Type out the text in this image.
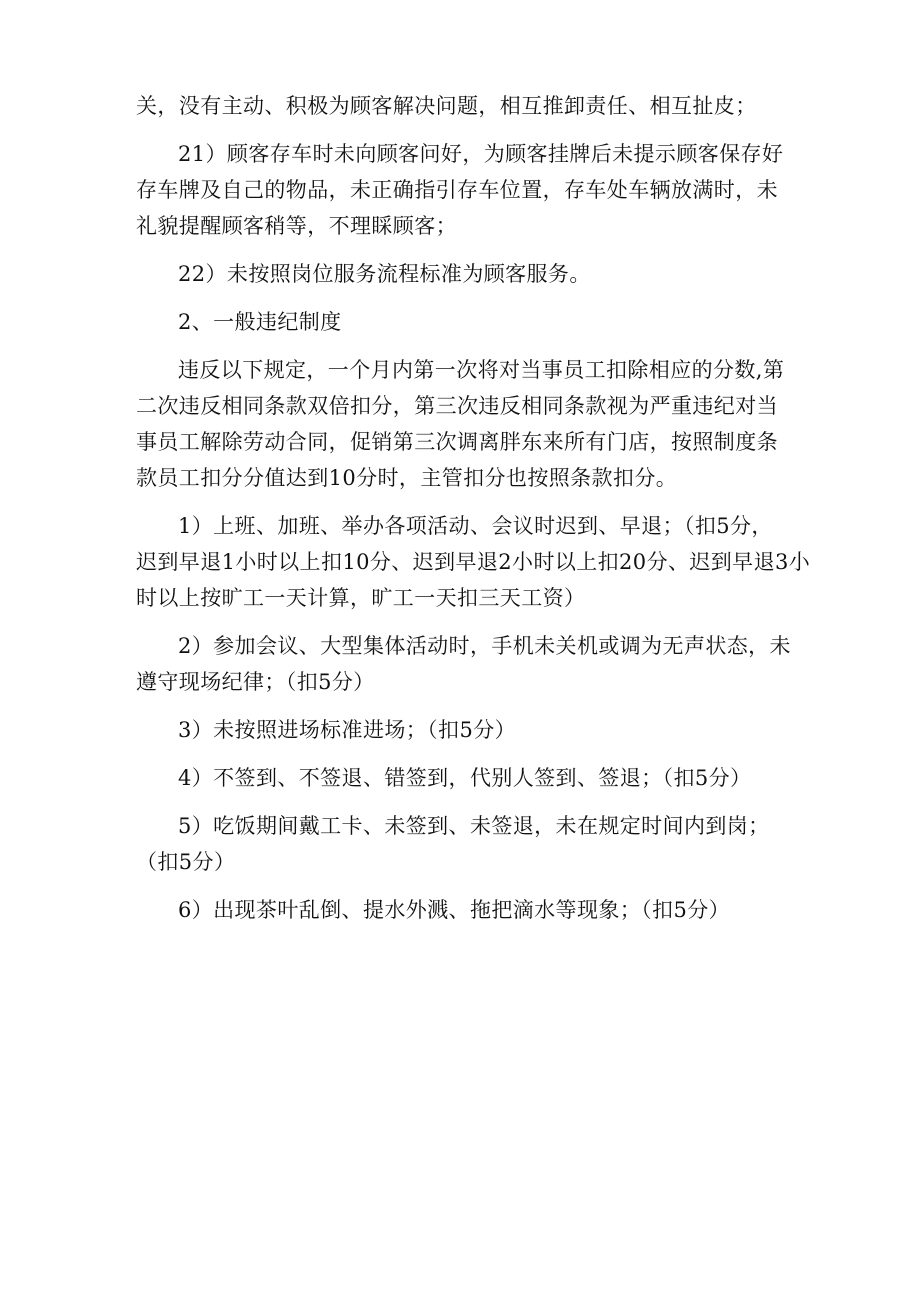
关，没有主动、积极为顾客解决问题，相互推卸责任、相互扯皮；

21）顾客存车时未向顾客问好，为顾客挂牌后未提示顾客保存好
存车牌及自己的物品，未正确指引存车位置，存车处车辆放满时，未
礼貌提醒顾客稍等，不理睬顾客；

22）未按照岗位服务流程标准为顾客服务。

2、一般违纪制度

违反以下规定，一个月内第一次将对当事员工扣除相应的分数,第
二次违反相同条款双倍扣分，第三次违反相同条款视为严重违纪对当
事员工解除劳动合同，促销第三次调离胖东来所有门店，按照制度条
款员工扣分分值达到10分时，主管扣分也按照条款扣分。

1）上班、加班、举办各项活动、会议时迟到、早退；（扣5分，
迟到早退1小时以上扣10分、迟到早退2小时以上扣20分、迟到早退3小
时以上按旷工一天计算，旷工一天扣三天工资）

2）参加会议、大型集体活动时，手机未关机或调为无声状态，未
遵守现场纪律；（扣5分）

3）未按照进场标准进场；（扣5分）

4）不签到、不签退、错签到，代别人签到、签退；（扣5分）

5）吃饭期间戴工卡、未签到、未签退，未在规定时间内到岗；
（扣5分）

6）出现茶叶乱倒、提水外溅、拖把滴水等现象；（扣5分）
